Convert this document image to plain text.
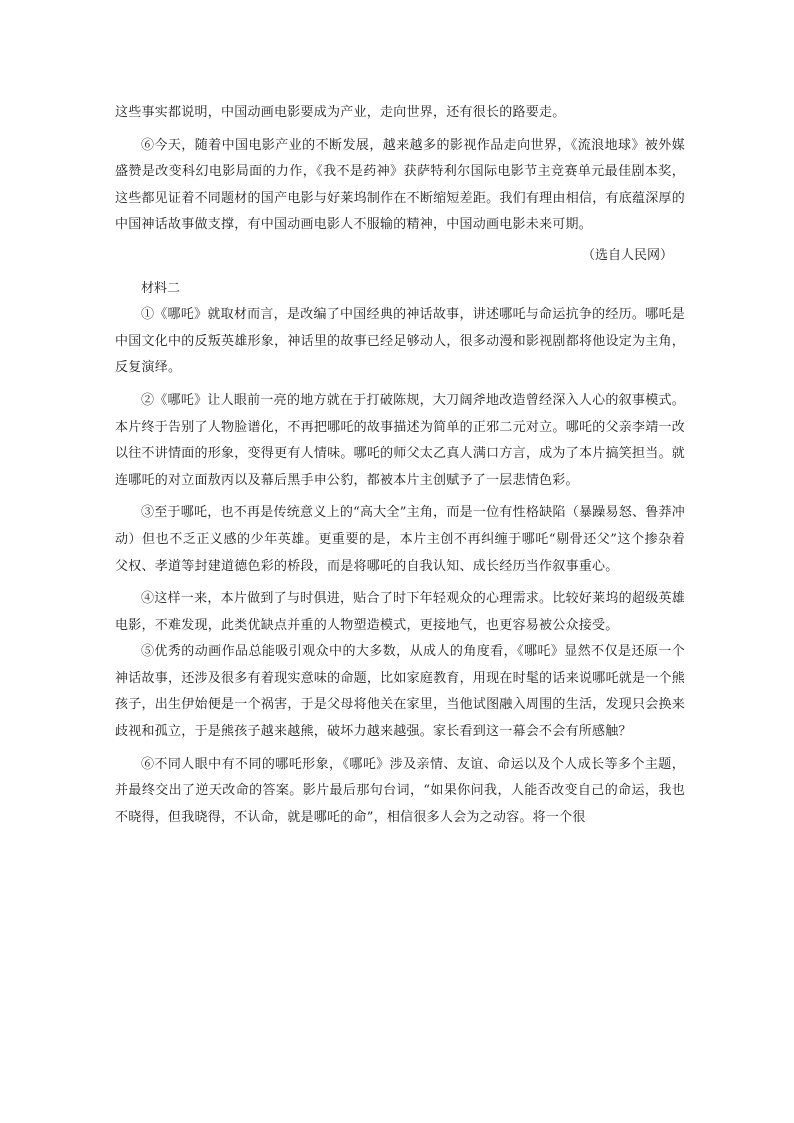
这些事实都说明，中国动画电影要成为产业，走向世界，还有很长的路要走。

⑥今天，随着中国电影产业的不断发展，越来越多的影视作品走向世界，《流浪地球》被外媒盛赞是改变科幻电影局面的力作，《我不是药神》获萨特利尔国际电影节主竞赛单元最佳剧本奖，这些都见证着不同题材的国产电影与好莱坞制作在不断缩短差距。我们有理由相信，有底蕴深厚的中国神话故事做支撑，有中国动画电影人不服输的精神，中国动画电影未来可期。

（选自人民网）

材料二

①《哪吒》就取材而言，是改编了中国经典的神话故事，讲述哪吒与命运抗争的经历。哪吒是中国文化中的反叛英雄形象，神话里的故事已经足够动人，很多动漫和影视剧都将他设定为主角，反复演绎。

②《哪吒》让人眼前一亮的地方就在于打破陈规，大刀阔斧地改造曾经深入人心的叙事模式。本片终于告别了人物脸谱化，不再把哪吒的故事描述为简单的正邪二元对立。哪吒的父亲李靖一改以往不讲情面的形象，变得更有人情味。哪吒的师父太乙真人满口方言，成为了本片搞笑担当。就连哪吒的对立面敖丙以及幕后黑手申公豹，都被本片主创赋予了一层悲情色彩。

③至于哪吒，也不再是传统意义上的“高大全”主角，而是一位有性格缺陷（暴躁易怒、鲁莽冲动）但也不乏正义感的少年英雄。更重要的是，本片主创不再纠缠于哪吒“剔骨还父”这个掺杂着父权、孝道等封建道德色彩的桥段，而是将哪吒的自我认知、成长经历当作叙事重心。

④这样一来，本片做到了与时俱进，贴合了时下年轻观众的心理需求。比较好莱坞的超级英雄电影，不难发现，此类优缺点并重的人物塑造模式，更接地气，也更容易被公众接受。

⑤优秀的动画作品总能吸引观众中的大多数，从成人的角度看，《哪吒》显然不仅是还原一个神话故事，还涉及很多有着现实意味的命题，比如家庭教育，用现在时髦的话来说哪吒就是一个熊孩子，出生伊始便是一个祸害，于是父母将他关在家里，当他试图融入周围的生活，发现只会换来歧视和孤立，于是熊孩子越来越熊，破坏力越来越强。家长看到这一幕会不会有所感触？

⑥不同人眼中有不同的哪吒形象，《哪吒》涉及亲情、友谊、命运以及个人成长等多个主题，并最终交出了逆天改命的答案。影片最后那句台词，“如果你问我，人能否改变自己的命运，我也不晓得，但我晓得，不认命，就是哪吒的命”，相信很多人会为之动容。将一个很
